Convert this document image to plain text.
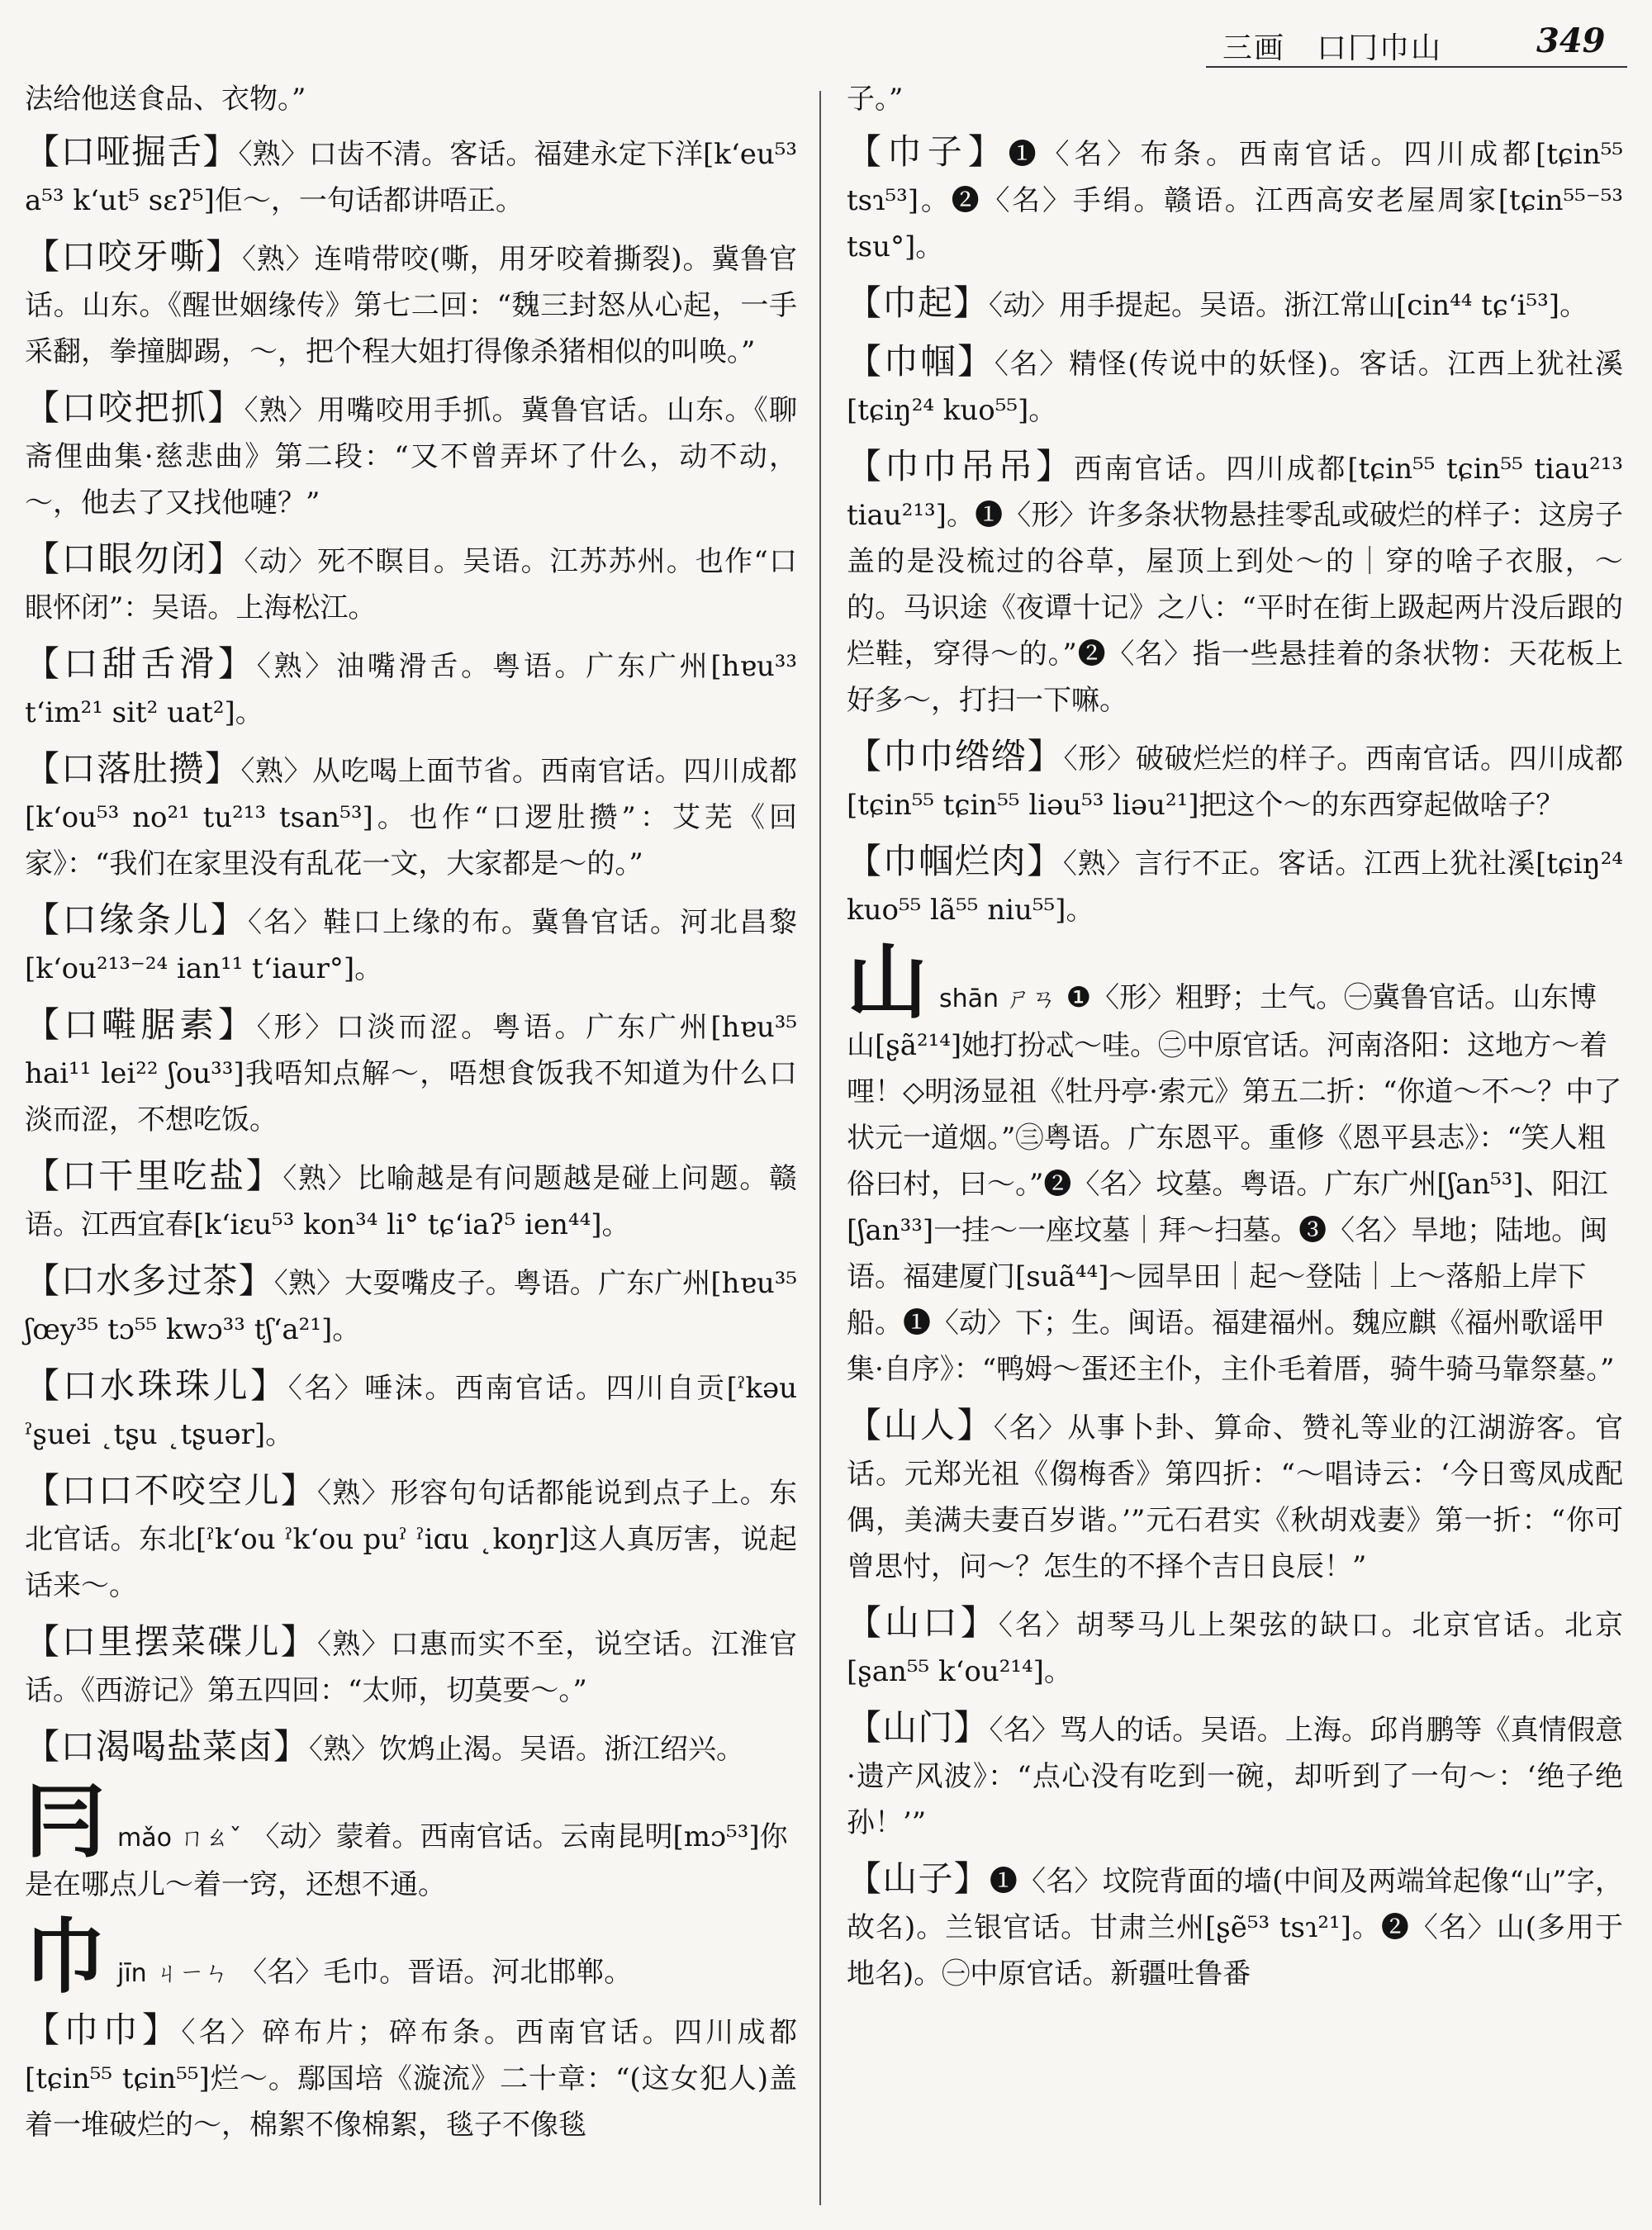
三画　口冂巾山	349

法给他送食品、衣物。”

【口哑掘舌】〈熟〉口齿不清。客话。福建永定下洋[k‘eu⁵³ a⁵³ k‘ut⁵ sɛʔ⁵]佢～，一句话都讲唔正。

【口咬牙嘶】〈熟〉连啃带咬(嘶，用牙咬着撕裂)。冀鲁官话。山东。《醒世姻缘传》第七二回：“魏三封怒从心起，一手采翻，拳撞脚踢，～，把个程大姐打得像杀猪相似的叫唤。”

【口咬把抓】〈熟〉用嘴咬用手抓。冀鲁官话。山东。《聊斋俚曲集·慈悲曲》第二段：“又不曾弄坏了什么，动不动，～，他去了又找他嗹？”

【口眼勿闭】〈动〉死不瞑目。吴语。江苏苏州。也作“口眼怀闭”：吴语。上海松江。

【口甜舌滑】〈熟〉油嘴滑舌。粤语。广东广州[hɐu³³ t‘im²¹ sit² uat²]。

【口落肚攒】〈熟〉从吃喝上面节省。西南官话。四川成都[k‘ou⁵³ no²¹ tu²¹³ tsan⁵³]。也作“口逻肚攒”：艾芜《回家》：“我们在家里没有乱花一文，大家都是～的。”

【口缘条儿】〈名〉鞋口上缘的布。冀鲁官话。河北昌黎[k‘ou²¹³⁻²⁴ ian¹¹ t‘iaur°]。

【口嚡腒素】〈形〉口淡而涩。粤语。广东广州[hɐu³⁵ hai¹¹ lei²² ʃou³³]我唔知点解～，唔想食饭我不知道为什么口淡而涩，不想吃饭。

【口干里吃盐】〈熟〉比喻越是有问题越是碰上问题。赣语。江西宜春[k‘iɛu⁵³ kon³⁴ li° tɕ‘iaʔ⁵ ien⁴⁴]。

【口水多过茶】〈熟〉大耍嘴皮子。粤语。广东广州[hɐu³⁵ ʃœy³⁵ tɔ⁵⁵ kwɔ³³ tʃ‘a²¹]。

【口水珠珠儿】〈名〉唾沫。西南官话。四川自贡[ˀkəu ˀʂuei ˛tʂu ˛tʂuər]。

【口口不咬空儿】〈熟〉形容句句话都能说到点子上。东北官话。东北[ˀk‘ou ˀk‘ou puˀ ˀiɑu ˛koŋr]这人真厉害，说起话来～。

【口里摆菜碟儿】〈熟〉口惠而实不至，说空话。江淮官话。《西游记》第五四回：“太师，切莫要～。”

【口渴喝盐菜卤】〈熟〉饮鸩止渴。吴语。浙江绍兴。

冃mǎo ㄇㄠˇ 〈动〉蒙着。西南官话。云南昆明[mɔ⁵³]你是在哪点儿～着一窍，还想不通。

巾jīn ㄐㄧㄣ 〈名〉毛巾。晋语。河北邯郸。

【巾巾】〈名〉碎布片；碎布条。西南官话。四川成都[tɕin⁵⁵ tɕin⁵⁵]烂～。鄢国培《漩流》二十章：“(这女犯人)盖着一堆破烂的～，棉絮不像棉絮，毯子不像毯

子。”

【巾子】❶〈名〉布条。西南官话。四川成都[tɕin⁵⁵ tsɿ⁵³]。❷〈名〉手绢。赣语。江西高安老屋周家[tɕin⁵⁵⁻⁵³ tsu°]。

【巾起】〈动〉用手提起。吴语。浙江常山[cin⁴⁴ tɕ‘i⁵³]。

【巾帼】〈名〉精怪(传说中的妖怪)。客话。江西上犹社溪[tɕiŋ²⁴ kuo⁵⁵]。

【巾巾吊吊】西南官话。四川成都[tɕin⁵⁵ tɕin⁵⁵ tiau²¹³ tiau²¹³]。❶〈形〉许多条状物悬挂零乱或破烂的样子：这房子盖的是没梳过的谷草，屋顶上到处～的｜穿的啥子衣服，～的。马识途《夜谭十记》之八：“平时在街上趿起两片没后跟的烂鞋，穿得～的。”❷〈名〉指一些悬挂着的条状物：天花板上好多～，打扫一下嘛。

【巾巾绺绺】〈形〉破破烂烂的样子。西南官话。四川成都[tɕin⁵⁵ tɕin⁵⁵ liəu⁵³ liəu²¹]把这个～的东西穿起做啥子？

【巾帼烂肉】〈熟〉言行不正。客话。江西上犹社溪[tɕiŋ²⁴ kuo⁵⁵ lã⁵⁵ niu⁵⁵]。

山shān ㄕㄢ ❶〈形〉粗野；土气。㊀冀鲁官话。山东博山[ʂã²¹⁴]她打扮忒～哇。㊁中原官话。河南洛阳：这地方～着哩！◇明汤显祖《牡丹亭·索元》第五二折：“你道～不～？中了状元一道烟。”㊂粤语。广东恩平。重修《恩平县志》：“笑人粗俗曰村，曰～。”❷〈名〉坟墓。粤语。广东广州[ʃan⁵³]、阳江[ʃan³³]一挂～一座坟墓｜拜～扫墓。❸〈名〉旱地；陆地。闽语。福建厦门[suã⁴⁴]～园旱田｜起～登陆｜上～落船上岸下船。❶〈动〉下；生。闽语。福建福州。魏应麒《福州歌谣甲集·自序》：“鸭姆～蛋还主仆，主仆毛着厝，骑牛骑马靠祭墓。”

【山人】〈名〉从事卜卦、算命、赞礼等业的江湖游客。官话。元郑光祖《㑳梅香》第四折：“～唱诗云：‘今日鸾凤成配偶，美满夫妻百岁谐。’”元石君实《秋胡戏妻》第一折：“你可曾思忖，问～？怎生的不择个吉日良辰！”

【山口】〈名〉胡琴马儿上架弦的缺口。北京官话。北京[ʂan⁵⁵ k‘ou²¹⁴]。

【山门】〈名〉骂人的话。吴语。上海。邱肖鹏等《真情假意·遗产风波》：“点心没有吃到一碗，却听到了一句～：‘绝子绝孙！’”

【山子】❶〈名〉坟院背面的墙(中间及两端耸起像“山”字，故名)。兰银官话。甘肃兰州[ʂẽ⁵³ tsɿ²¹]。❷〈名〉山(多用于地名)。㊀中原官话。新疆吐鲁番
